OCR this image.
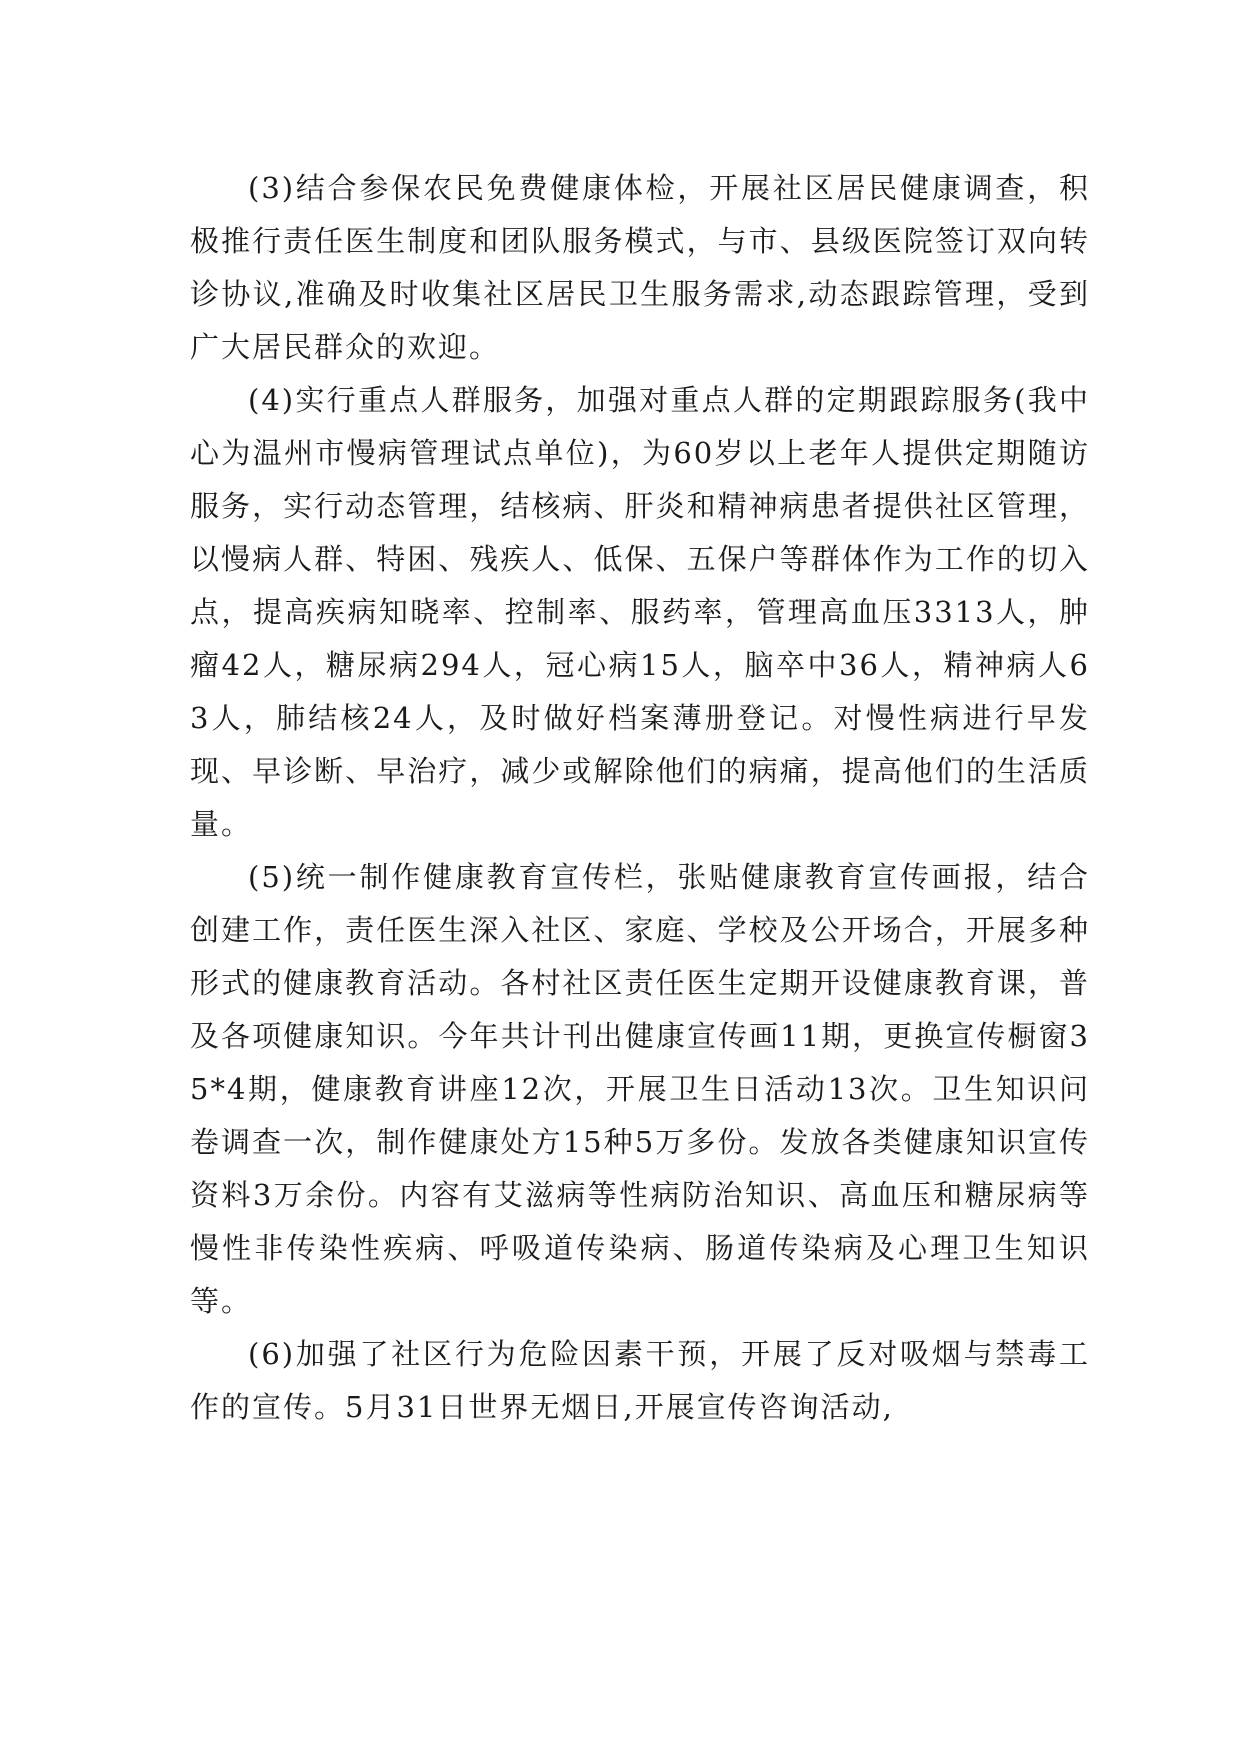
(3)结合参保农民免费健康体检，开展社区居民健康调查，积极推行责任医生制度和团队服务模式，与市、县级医院签订双向转诊协议,准确及时收集社区居民卫生服务需求,动态跟踪管理，受到广大居民群众的欢迎。

(4)实行重点人群服务，加强对重点人群的定期跟踪服务(我中心为温州市慢病管理试点单位)，为60岁以上老年人提供定期随访服务，实行动态管理，结核病、肝炎和精神病患者提供社区管理，以慢病人群、特困、残疾人、低保、五保户等群体作为工作的切入点，提高疾病知晓率、控制率、服药率，管理高血压3313人，肿瘤42人，糖尿病294人，冠心病15人，脑卒中36人，精神病人63人，肺结核24人，及时做好档案薄册登记。对慢性病进行早发现、早诊断、早治疗，减少或解除他们的病痛，提高他们的生活质量。

(5)统一制作健康教育宣传栏，张贴健康教育宣传画报，结合创建工作，责任医生深入社区、家庭、学校及公开场合，开展多种形式的健康教育活动。各村社区责任医生定期开设健康教育课，普及各项健康知识。今年共计刊出健康宣传画11期，更换宣传橱窗35*4期，健康教育讲座12次，开展卫生日活动13次。卫生知识问卷调查一次，制作健康处方15种5万多份。发放各类健康知识宣传资料3万余份。内容有艾滋病等性病防治知识、高血压和糖尿病等慢性非传染性疾病、呼吸道传染病、肠道传染病及心理卫生知识等。

(6)加强了社区行为危险因素干预，开展了反对吸烟与禁毒工作的宣传。5月31日世界无烟日,开展宣传咨询活动,
